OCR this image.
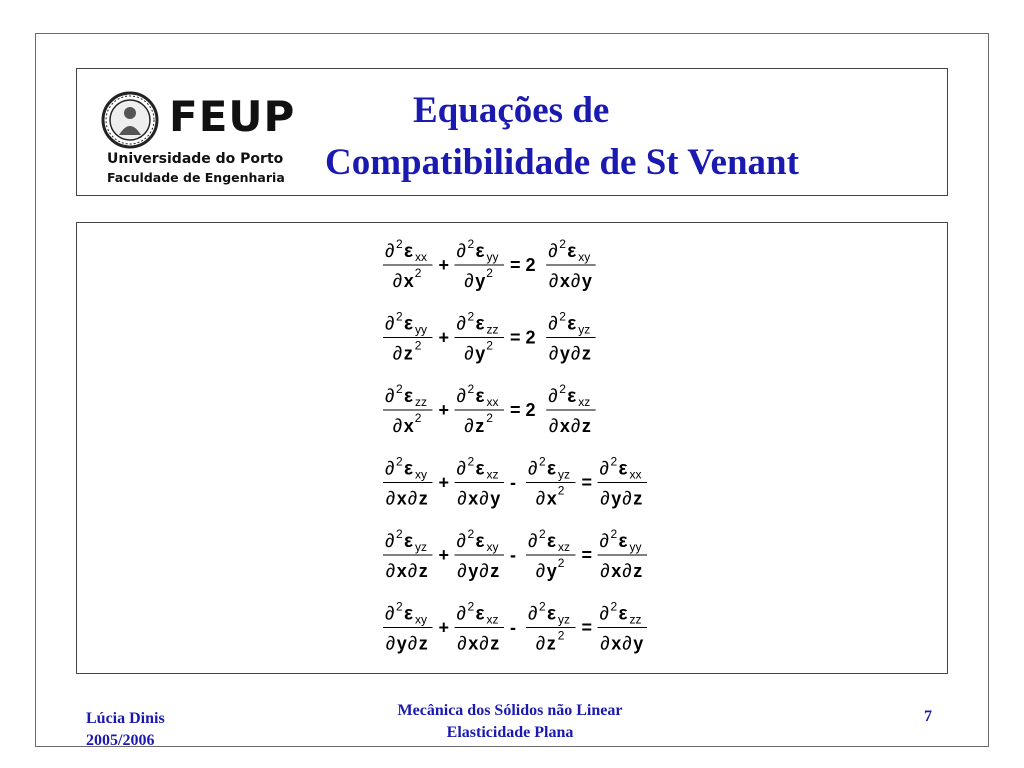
FEUP
Universidade do Porto
Faculdade de Engenharia
Equações de
Compatibilidade de St Venant
∂ 2 ε xx
∂ x 2 +
∂ 2 ε yy
∂ y 2 = 2
∂ 2 ε xy
∂ x ∂ y
∂ 2 ε yy
∂ z 2 +
∂ 2 ε zz
∂ y 2 = 2
∂ 2 ε yz
∂ y ∂ z
∂ 2 ε zz
∂ x 2 +
∂ 2 ε xx
∂ z 2 = 2
∂ 2 ε xz
∂ x ∂ z
∂ 2 ε xy
∂ x ∂ z
+
∂ 2 ε xz
∂ x ∂ y
-
∂ 2 ε yz
∂ x 2 =
∂ 2 ε xx
∂ y ∂ z
∂ 2 ε yz
∂ x ∂ z
+
∂ 2 ε xy
∂ y ∂ z
-
∂ 2 ε xz
∂ y 2 =
∂ 2 ε yy
∂ x ∂ z
∂ 2 ε xy
∂ y ∂ z
+
∂ 2 ε xz
∂ x ∂ z
-
∂ 2 ε yz
∂ z 2 =
∂ 2 ε zz
∂ x ∂ y
Lúcia Dinis
2005/2006
Mecânica dos Sólidos não Linear
Elasticidade Plana
7
